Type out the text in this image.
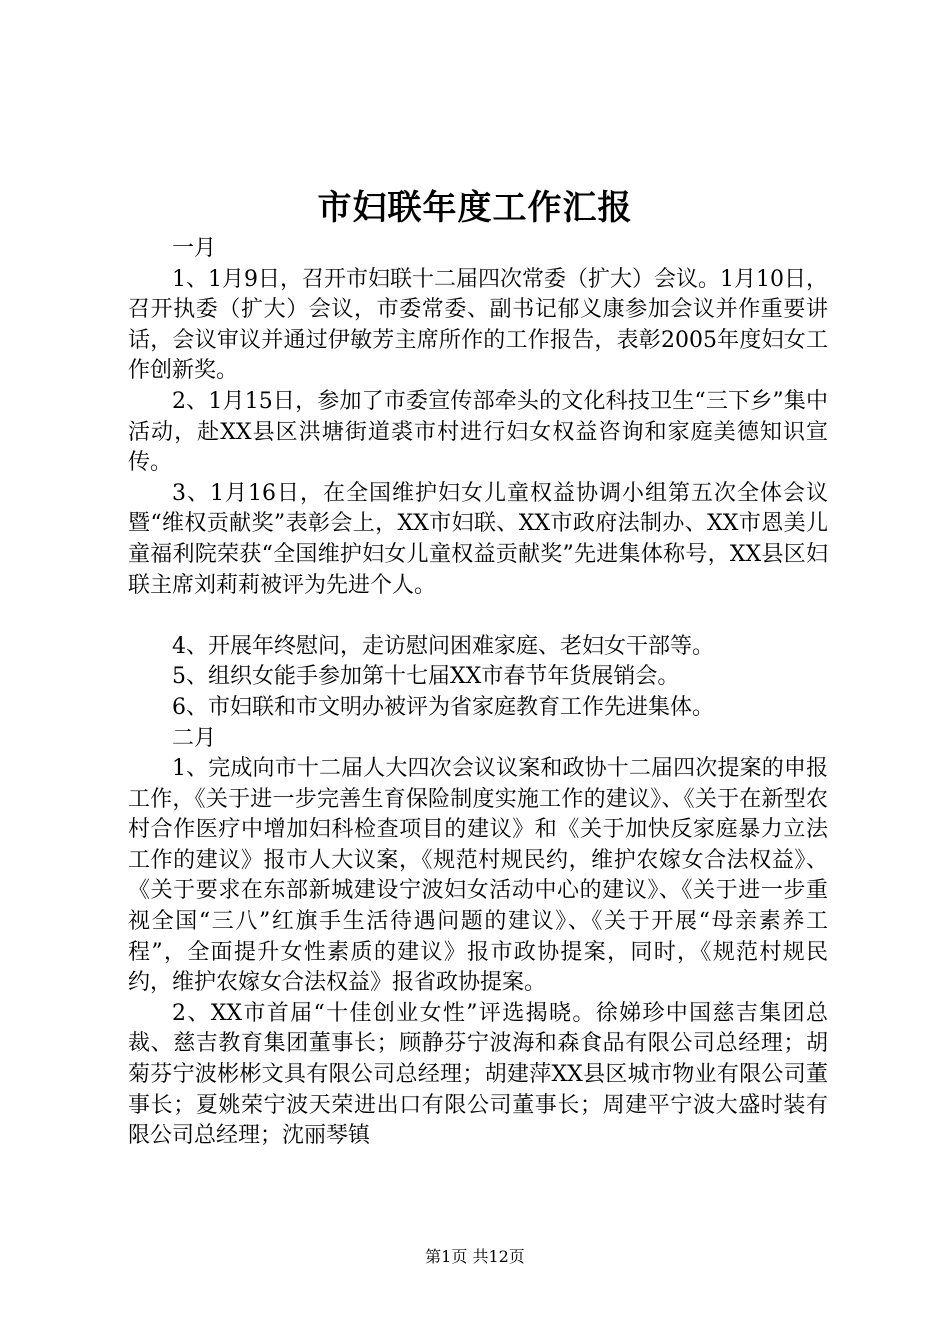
市妇联年度工作汇报

一月

1、1月9日，召开市妇联十二届四次常委（扩大）会议。1月10日，召开执委（扩大）会议，市委常委、副书记郁义康参加会议并作重要讲话，会议审议并通过伊敏芳主席所作的工作报告，表彰2005年度妇女工作创新奖。

2、1月15日，参加了市委宣传部牵头的文化科技卫生“三下乡”集中活动，赴XX县区洪塘街道裘市村进行妇女权益咨询和家庭美德知识宣传。

3、1月16日，在全国维护妇女儿童权益协调小组第五次全体会议暨“维权贡献奖”表彰会上，XX市妇联、XX市政府法制办、XX市恩美儿童福利院荣获“全国维护妇女儿童权益贡献奖”先进集体称号，XX县区妇联主席刘莉莉被评为先进个人。

4、开展年终慰问，走访慰问困难家庭、老妇女干部等。

5、组织女能手参加第十七届XX市春节年货展销会。

6、市妇联和市文明办被评为省家庭教育工作先进集体。

二月

1、完成向市十二届人大四次会议议案和政协十二届四次提案的申报工作，《关于进一步完善生育保险制度实施工作的建议》、《关于在新型农村合作医疗中增加妇科检查项目的建议》和《关于加快反家庭暴力立法工作的建议》报市人大议案，《规范村规民约，维护农嫁女合法权益》、《关于要求在东部新城建设宁波妇女活动中心的建议》、《关于进一步重视全国“三八”红旗手生活待遇问题的建议》、《关于开展“母亲素养工程”，全面提升女性素质的建议》报市政协提案，同时，《规范村规民约，维护农嫁女合法权益》报省政协提案。

2、XX市首届“十佳创业女性”评选揭晓。徐娣珍中国慈吉集团总裁、慈吉教育集团董事长；顾静芬宁波海和森食品有限公司总经理；胡菊芬宁波彬彬文具有限公司总经理；胡建萍XX县区城市物业有限公司董事长；夏姚荣宁波天荣进出口有限公司董事长；周建平宁波大盛时装有限公司总经理；沈丽琴镇

第1页 共12页
